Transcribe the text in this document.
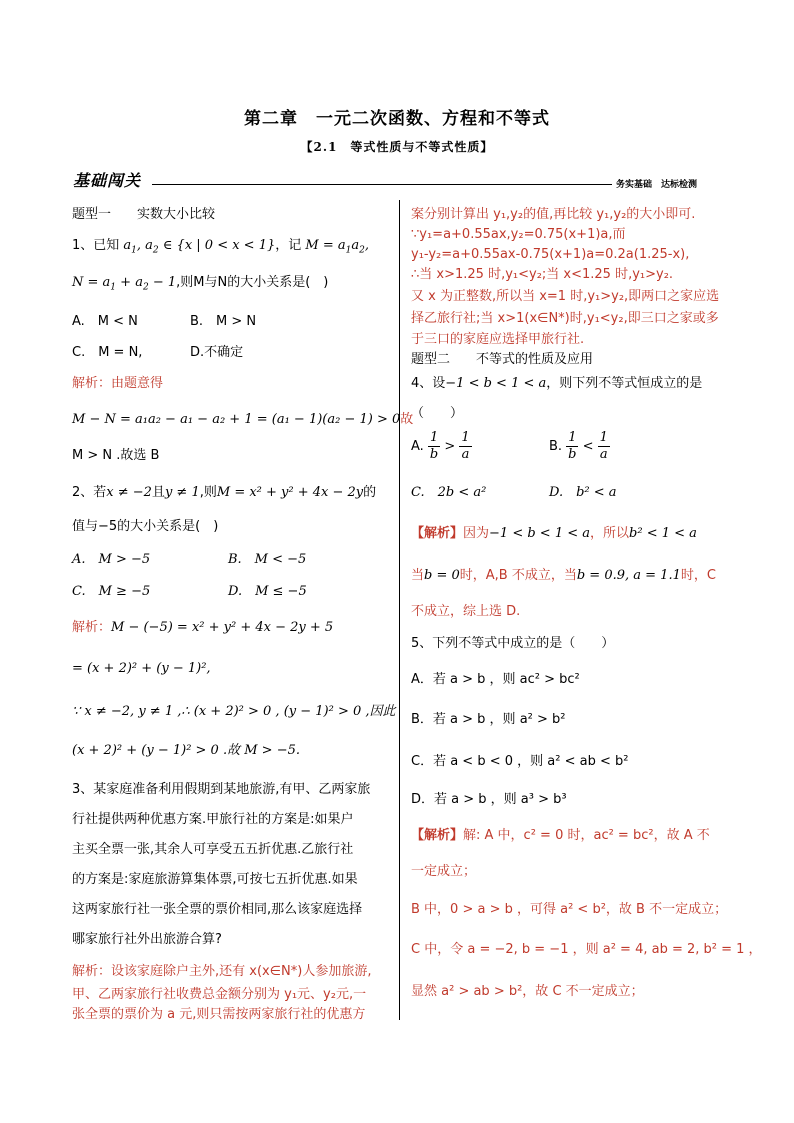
第二章　一元二次函数、方程和不等式
【2.1　等式性质与不等式性质】
基础闯关	务实基础　达标检测
题型一　　实数大小比较
1、已知 $a_1$, $a_2$ ∈ {x | 0 < x < 1}，记 $M = a_1a_2$,
$N = a_1 + a_2 - 1$,则M与N的大小关系是(　)
A.　M < N	B.　M > N
C.　M = N,	D.不确定
解析：由题意得
M − N = a₁a₂ − a₁ − a₂ + 1 = (a₁ − 1)(a₂ − 1) > 0故
M > N .故选 B
2、若x ≠ −2且y ≠ 1,则M = x² + y² + 4x − 2y的
值与−5的大小关系是(　)
A.　M > −5	B.　M < −5
C.　M ≥ −5	D.　M ≤ −5
解析：M − (−5) = x² + y² + 4x − 2y + 5
= (x + 2)² + (y − 1)²,
∵ x ≠ −2, y ≠ 1 ,∴ (x + 2)² > 0 , (y − 1)² > 0 ,因此
(x + 2)² + (y − 1)² > 0 .故 M > −5.
3、某家庭准备利用假期到某地旅游,有甲、乙两家旅
行社提供两种优惠方案.甲旅行社的方案是:如果户
主买全票一张,其余人可享受五五折优惠.乙旅行社
的方案是:家庭旅游算集体票,可按七五折优惠.如果
这两家旅行社一张全票的票价相同,那么该家庭选择
哪家旅行社外出旅游合算?
解析：设该家庭除户主外,还有 x(x∈N*)人参加旅游,
甲、乙两家旅行社收费总金额分别为 y₁元、y₂元,一
张全票的票价为 a 元,则只需按两家旅行社的优惠方
案分别计算出 y₁,y₂的值,再比较 y₁,y₂的大小即可.
∵y₁=a+0.55ax,y₂=0.75(x+1)a,而
y₁-y₂=a+0.55ax-0.75(x+1)a=0.2a(1.25-x),
∴当 x>1.25 时,y₁<y₂;当 x<1.25 时,y₁>y₂.
又 x 为正整数,所以当 x=1 时,y₁>y₂,即两口之家应选
择乙旅行社;当 x>1(x∈N*)时,y₁<y₂,即三口之家或多
于三口的家庭应选择甲旅行社.
题型二　　不等式的性质及应用
4、设−1 < b < 1 < a，则下列不等式恒成立的是
（　　）
A. $\frac{1}{b} > \frac{1}{a}$	B. $\frac{1}{b} < \frac{1}{a}$
C.　2b < a²	D.　b² < a
【解析】因为−1 < b < 1 < a，所以b² < 1 < a
当b = 0时，A,B 不成立，当b = 0.9, a = 1.1时，C
不成立，综上选 D.
5、下列不等式中成立的是（　　）
A．若 a > b ，则 ac² > bc²
B．若 a > b ，则 a² > b²
C．若 a < b < 0 ，则 a² < ab < b²
D．若 a > b ，则 a³ > b³
【解析】解: A 中，c² = 0 时，ac² = bc²，故 A 不
一定成立；
B 中，0 > a > b ，可得 a² < b²，故 B 不一定成立；
C 中，令 a = −2, b = −1 ，则 a² = 4, ab = 2, b² = 1 ，
显然 a² > ab > b²，故 C 不一定成立；
